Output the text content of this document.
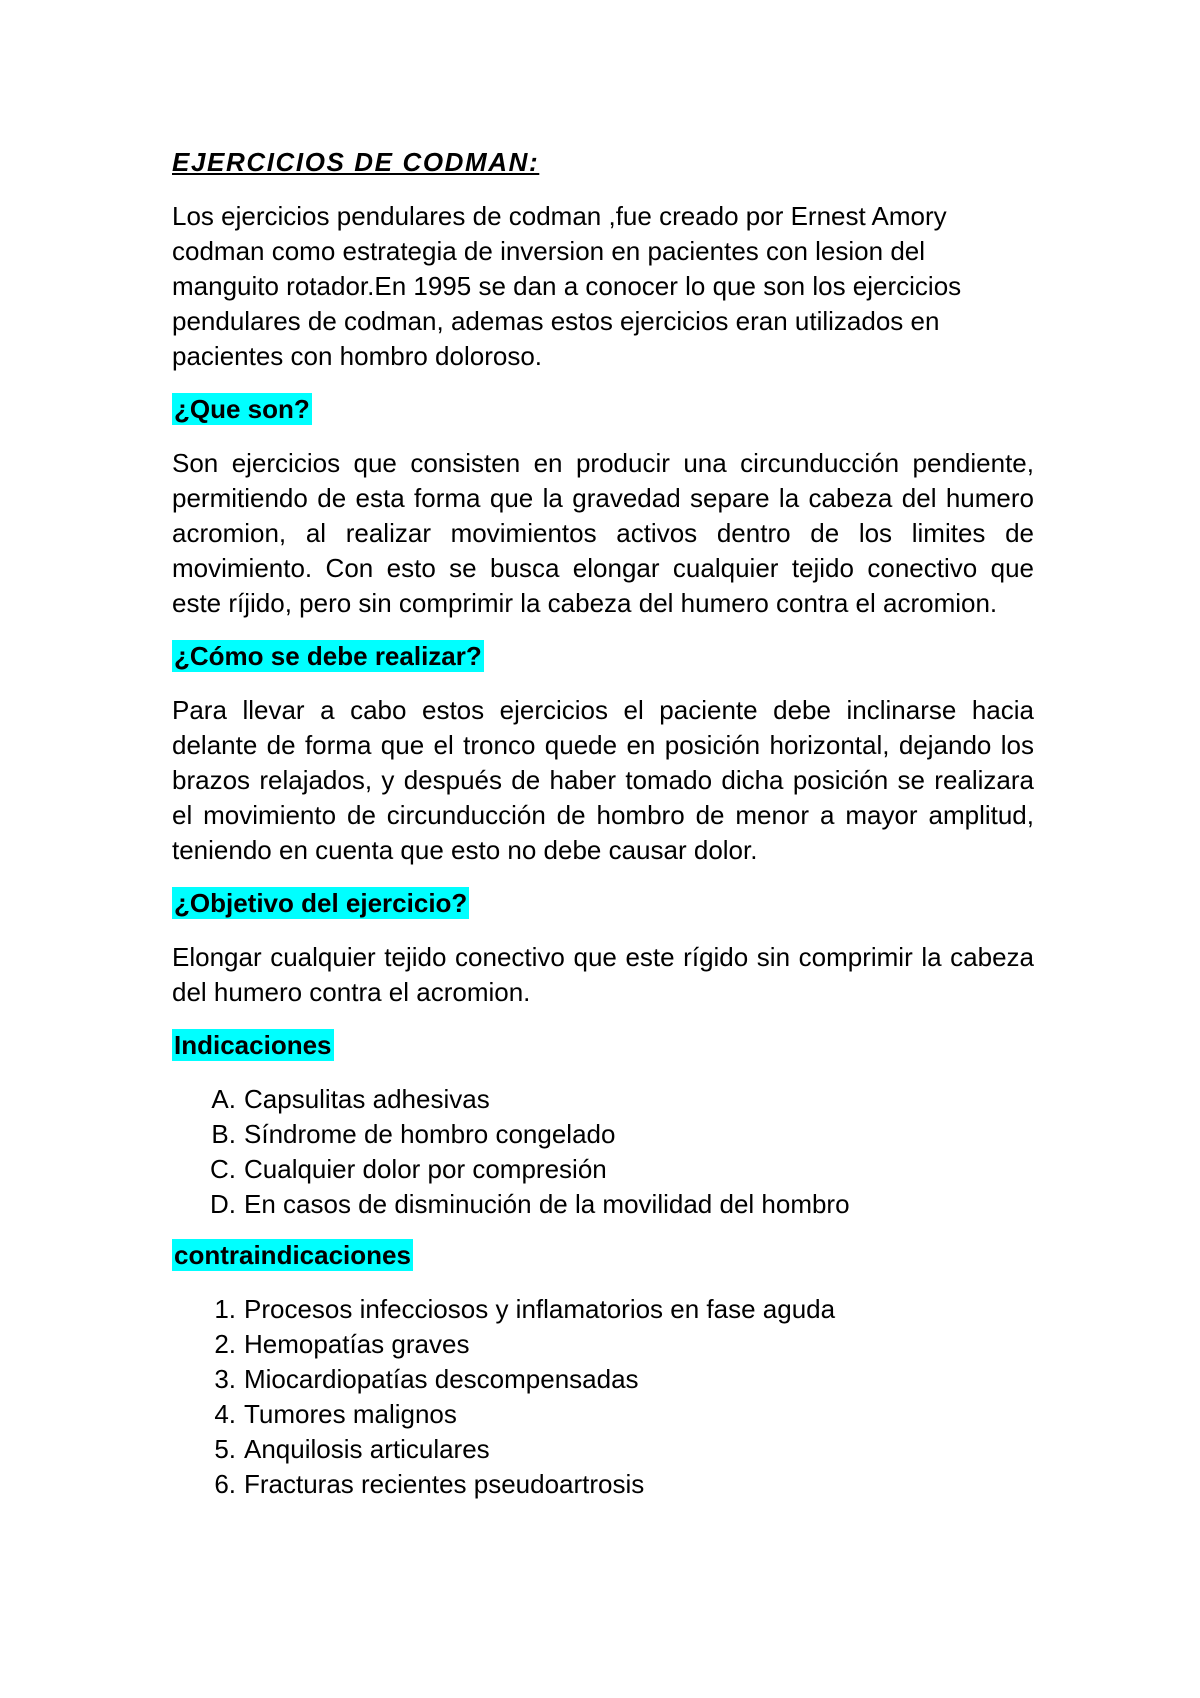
EJERCICIOS DE CODMAN:

Los ejercicios pendulares de codman ,fue creado por Ernest Amory codman como estrategia de inversion en pacientes con lesion del manguito rotador.En 1995 se dan a conocer lo que son los ejercicios pendulares de codman, ademas estos ejercicios eran utilizados en pacientes con hombro doloroso.

¿Que son?

Son ejercicios que consisten en producir una circunducción pendiente, permitiendo de esta forma que la gravedad separe la cabeza del humero acromion, al realizar movimientos activos dentro de los limites de movimiento. Con esto se busca elongar cualquier tejido conectivo que este ríjido, pero sin comprimir la cabeza del humero contra el acromion.

¿Cómo se debe realizar?

Para llevar a cabo estos ejercicios el paciente debe inclinarse hacia delante de forma que el tronco quede en posición horizontal, dejando los brazos relajados, y después de haber tomado dicha posición se realizara el movimiento de circunducción de hombro de menor a mayor amplitud, teniendo en cuenta que esto no debe causar dolor.

¿Objetivo del ejercicio?

Elongar cualquier tejido conectivo que este rígido sin comprimir la cabeza del humero contra el acromion.

Indicaciones
A. Capsulitas adhesivas
B. Síndrome de hombro congelado
C. Cualquier dolor por compresión
D. En casos de disminución de la movilidad del hombro
contraindicaciones
1. Procesos infecciosos y inflamatorios en fase aguda
2. Hemopatías graves
3. Miocardiopatías descompensadas
4. Tumores malignos
5. Anquilosis articulares
6. Fracturas recientes pseudoartrosis
